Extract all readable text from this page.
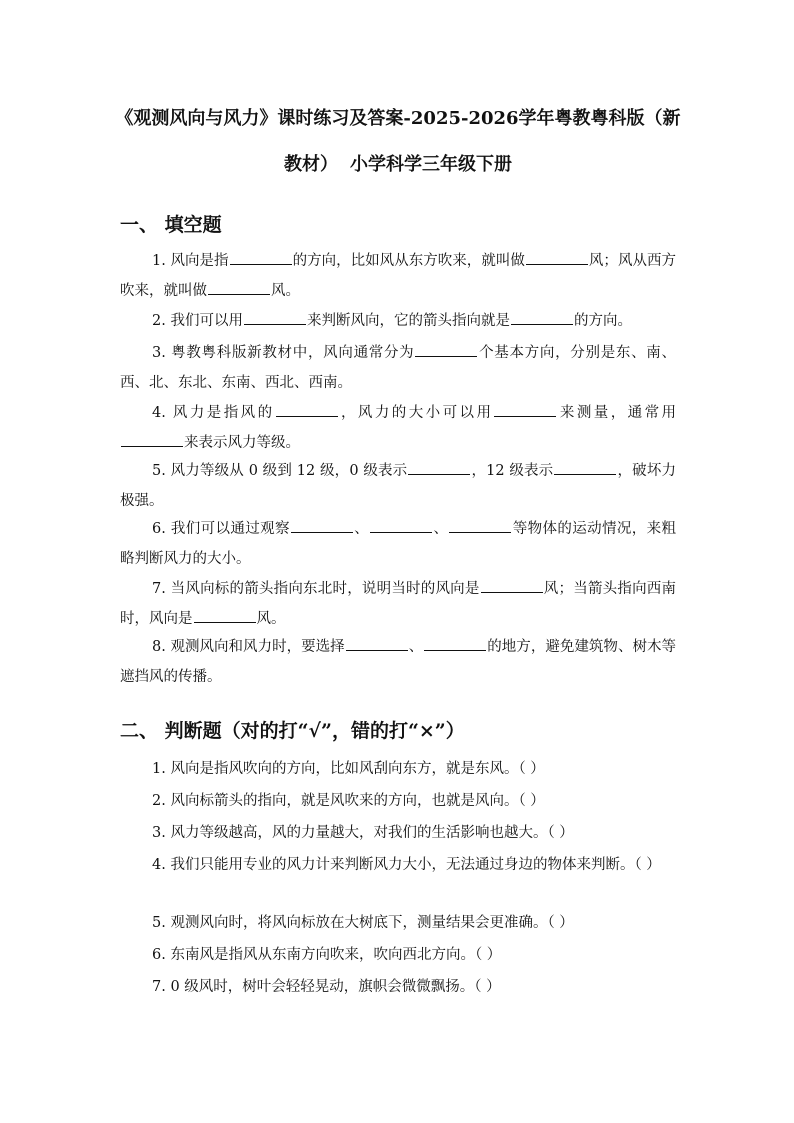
《观测风向与风力》课时练习及答案-2025-2026学年粤教粤科版（新
教材） 小学科学三年级下册
一、 填空题
1. 风向是指	的方向，比如风从东方吹来，就叫做	风；风从西方吹来，就叫做	风。
2. 我们可以用	来判断风向，它的箭头指向就是	的方向。
3. 粤教粤科版新教材中，风向通常分为	个基本方向，分别是东、南、西、北、东北、东南、西北、西南。
4. 风力是指风的	，风力的大小可以用	来测量，通常用来表示风力等级。
5. 风力等级从 0 级到 12 级，0 级表示	，12 级表示	，破坏力极强。
6. 我们可以通过观察	、	、	等物体的运动情况，来粗略判断风力的大小。
7. 当风向标的箭头指向东北时，说明当时的风向是	风；当箭头指向西南时，风向是	风。
8. 观测风向和风力时，要选择	、	的地方，避免建筑物、树木等遮挡风的传播。
二、 判断题（对的打“√”，错的打“×”）
1. 风向是指风吹向的方向，比如风刮向东方，就是东风。（ ）
2. 风向标箭头的指向，就是风吹来的方向，也就是风向。（ ）
3. 风力等级越高，风的力量越大，对我们的生活影响也越大。（ ）
4. 我们只能用专业的风力计来判断风力大小，无法通过身边的物体来判断。（ ）
5. 观测风向时，将风向标放在大树底下，测量结果会更准确。（ ）
6. 东南风是指风从东南方向吹来，吹向西北方向。（ ）
7. 0 级风时，树叶会轻轻晃动，旗帜会微微飘扬。（ ）
